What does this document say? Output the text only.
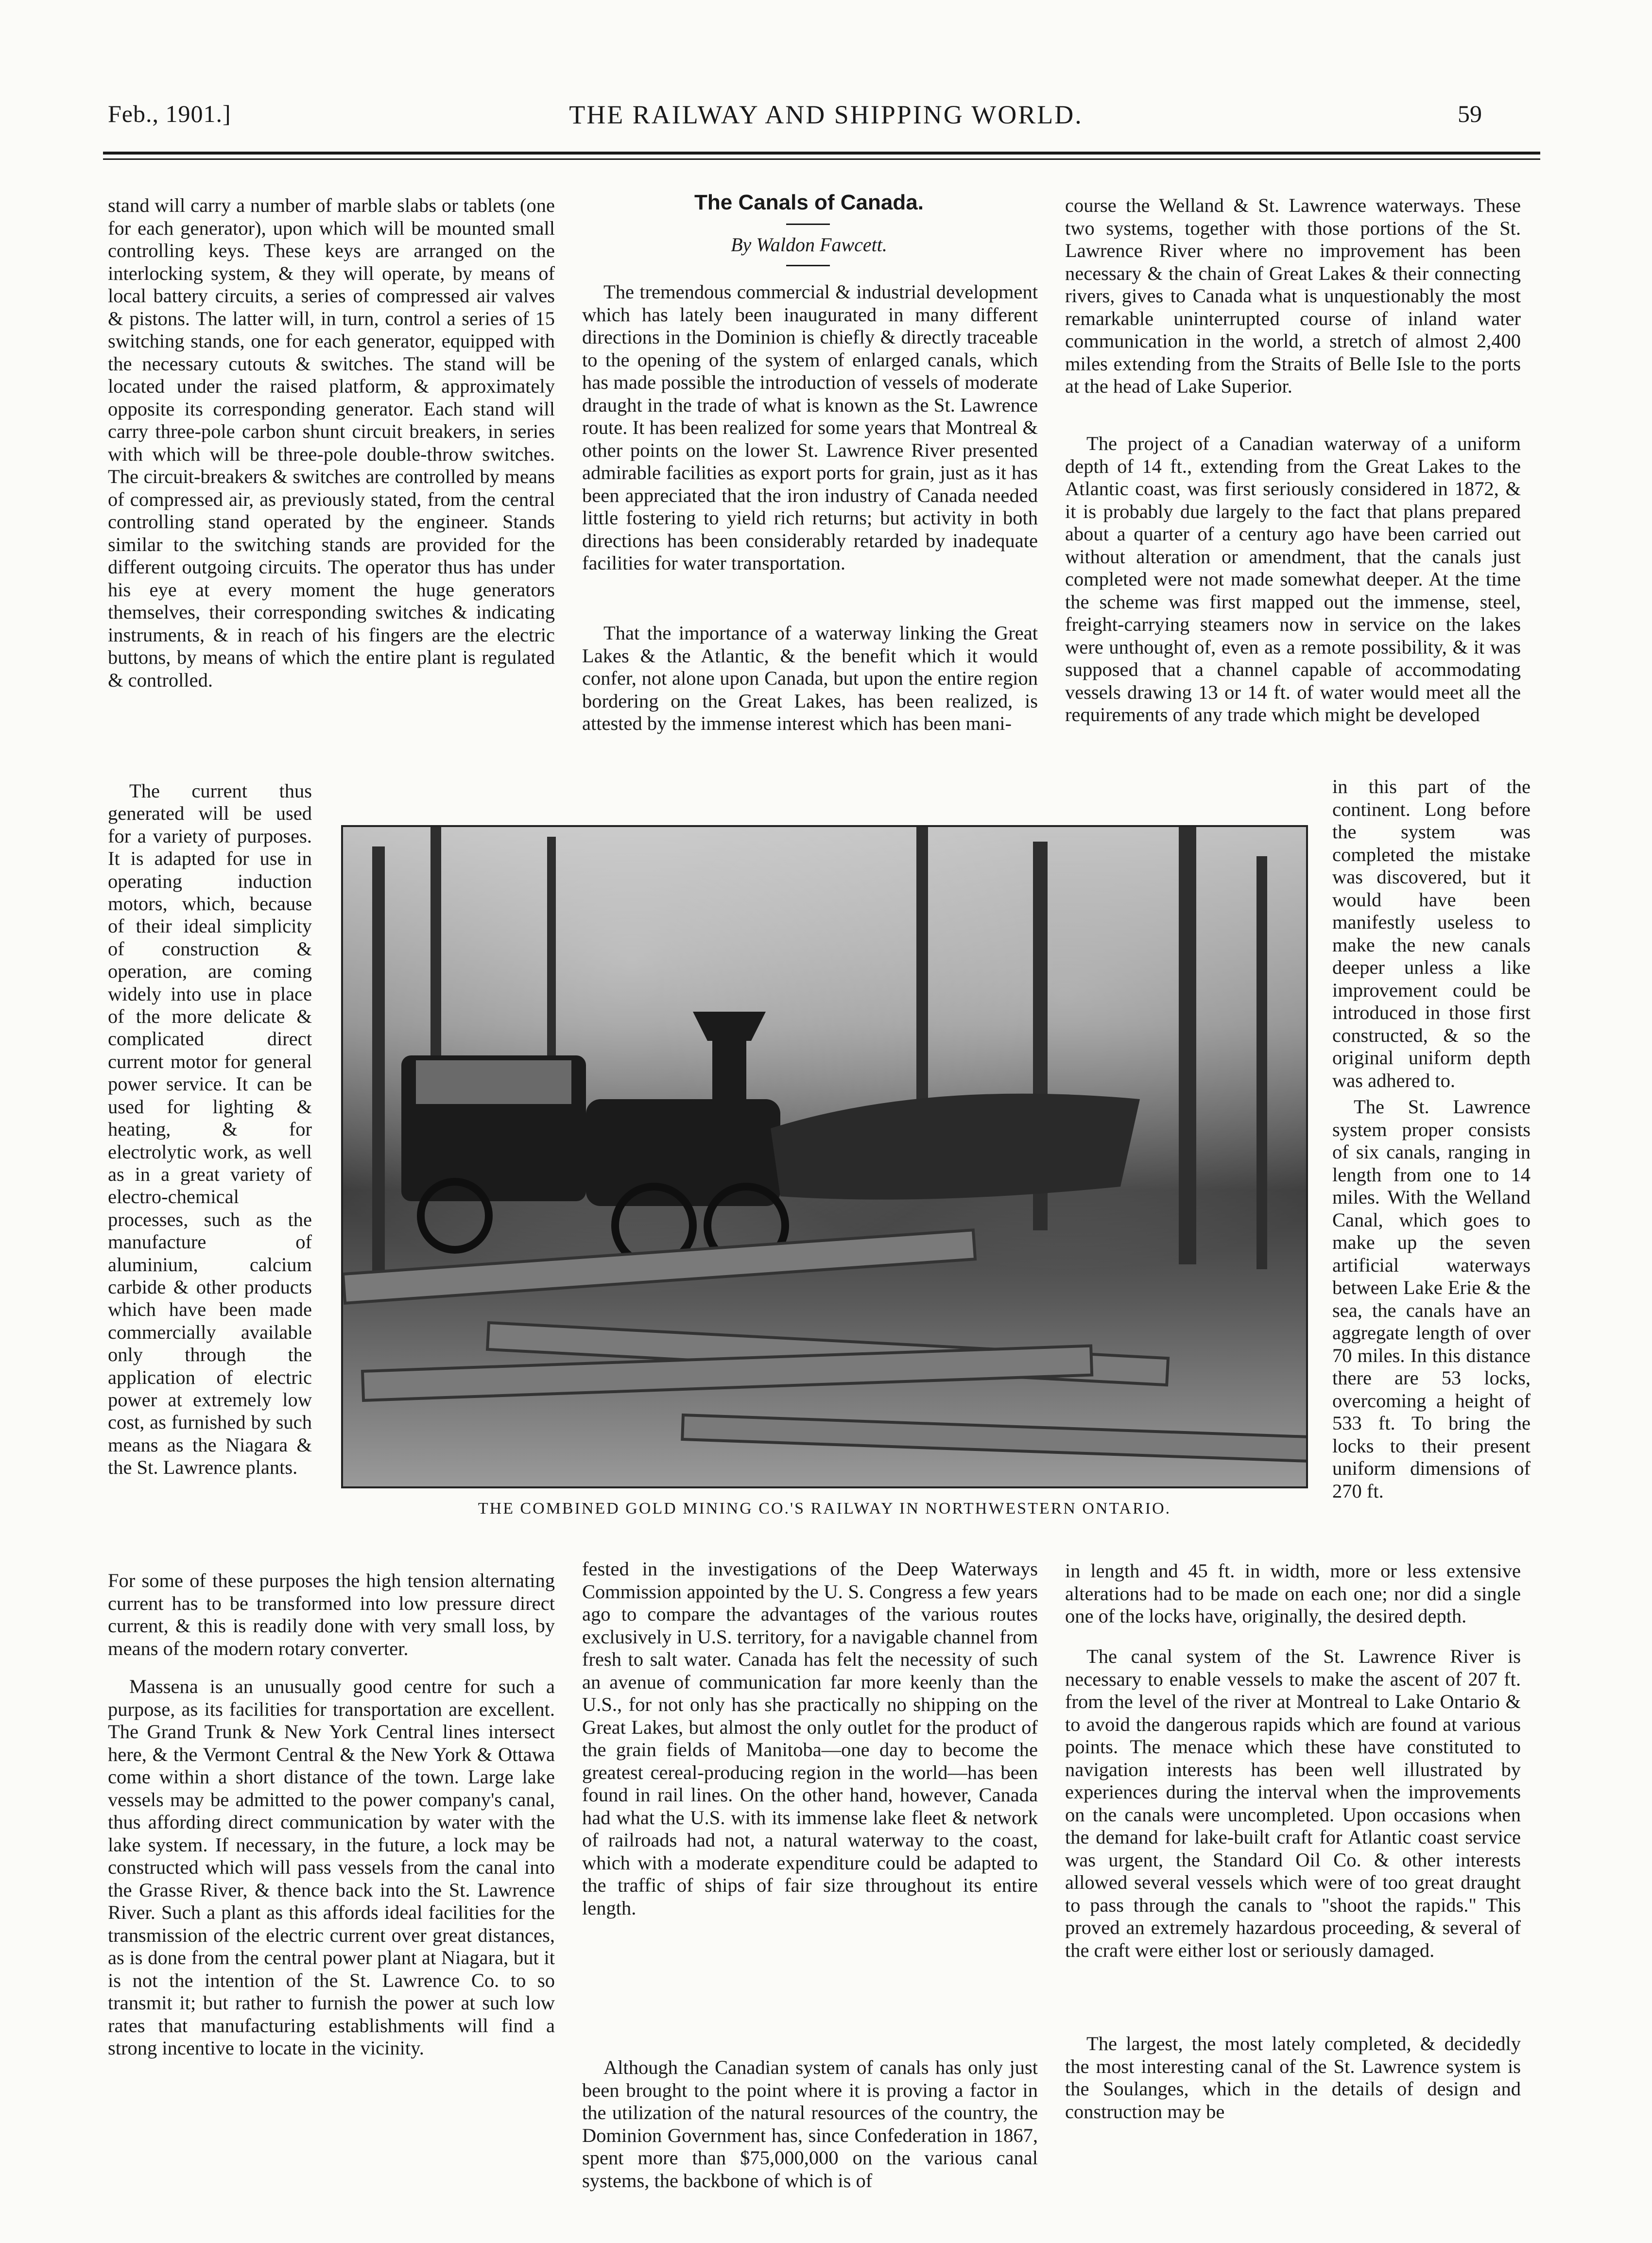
Feb., 1901.]	THE RAILWAY AND SHIPPING WORLD.	59

stand will carry a number of marble slabs or tablets (one for each generator), upon which will be mounted small controlling keys. These keys are arranged on the interlocking system, & they will operate, by means of local battery circuits, a series of compressed air valves & pistons. The latter will, in turn, control a series of 15 switching stands, one for each generator, equipped with the necessary cutouts & switches. The stand will be located under the raised platform, & approximately opposite its corresponding generator. Each stand will carry three-pole carbon shunt circuit breakers, in series with which will be three-pole double-throw switches. The circuit-breakers & switches are controlled by means of compressed air, as previously stated, from the central controlling stand operated by the engineer. Stands similar to the switching stands are provided for the different outgoing circuits. The operator thus has under his eye at every moment the huge generators themselves, their corresponding switches & indicating instruments, & in reach of his fingers are the electric buttons, by means of which the entire plant is regulated & controlled.

The current thus generated will be used for a variety of purposes. It is adapted for use in operating induction motors, which, because of their ideal simplicity of construction & operation, are coming widely into use in place of the more delicate & complicated direct current motor for general power service. It can be used for lighting & heating, & for electrolytic work, as well as in a great variety of electro-chemical processes, such as the manufacture of aluminium, calcium carbide & other products which have been made commercially available only through the application of electric power at extremely low cost, as furnished by such means as the Niagara & the St. Lawrence plants.

For some of these purposes the high tension alternating current has to be transformed into low pressure direct current, & this is readily done with very small loss, by means of the modern rotary converter.

Massena is an unusually good centre for such a purpose, as its facilities for transportation are excellent. The Grand Trunk & New York Central lines intersect here, & the Vermont Central & the New York & Ottawa come within a short distance of the town. Large lake vessels may be admitted to the power company's canal, thus affording direct communication by water with the lake system. If necessary, in the future, a lock may be constructed which will pass vessels from the canal into the Grasse River, & thence back into the St. Lawrence River. Such a plant as this affords ideal facilities for the transmission of the electric current over great distances, as is done from the central power plant at Niagara, but it is not the intention of the St. Lawrence Co. to so transmit it; but rather to furnish the power at such low rates that manufacturing establishments will find a strong incentive to locate in the vicinity.

The Canals of Canada.
By Waldon Fawcett.

The tremendous commercial & industrial development which has lately been inaugurated in many different directions in the Dominion is chiefly & directly traceable to the opening of the system of enlarged canals, which has made possible the introduction of vessels of moderate draught in the trade of what is known as the St. Lawrence route. It has been realized for some years that Montreal & other points on the lower St. Lawrence River presented admirable facilities as export ports for grain, just as it has been appreciated that the iron industry of Canada needed little fostering to yield rich returns; but activity in both directions has been considerably retarded by inadequate facilities for water transportation.

That the importance of a waterway linking the Great Lakes & the Atlantic, & the benefit which it would confer, not alone upon Canada, but upon the entire region bordering on the Great Lakes, has been realized, is attested by the immense interest which has been mani-

fested in the investigations of the Deep Waterways Commission appointed by the U. S. Congress a few years ago to compare the advantages of the various routes exclusively in U.S. territory, for a navigable channel from fresh to salt water. Canada has felt the necessity of such an avenue of communication far more keenly than the U.S., for not only has she practically no shipping on the Great Lakes, but almost the only outlet for the product of the grain fields of Manitoba—one day to become the greatest cereal-producing region in the world—has been found in rail lines. On the other hand, however, Canada had what the U.S. with its immense lake fleet & network of railroads had not, a natural waterway to the coast, which with a moderate expenditure could be adapted to the traffic of ships of fair size throughout its entire length.

Although the Canadian system of canals has only just been brought to the point where it is proving a factor in the utilization of the natural resources of the country, the Dominion Government has, since Confederation in 1867, spent more than $75,000,000 on the various canal systems, the backbone of which is of

course the Welland & St. Lawrence waterways. These two systems, together with those portions of the St. Lawrence River where no improvement has been necessary & the chain of Great Lakes & their connecting rivers, gives to Canada what is unquestionably the most remarkable uninterrupted course of inland water communication in the world, a stretch of almost 2,400 miles extending from the Straits of Belle Isle to the ports at the head of Lake Superior.

The project of a Canadian waterway of a uniform depth of 14 ft., extending from the Great Lakes to the Atlantic coast, was first seriously considered in 1872, & it is probably due largely to the fact that plans prepared about a quarter of a century ago have been carried out without alteration or amendment, that the canals just completed were not made somewhat deeper. At the time the scheme was first mapped out the immense, steel, freight-carrying steamers now in service on the lakes were unthought of, even as a remote possibility, & it was supposed that a channel capable of accommodating vessels drawing 13 or 14 ft. of water would meet all the requirements of any trade which might be developed

in this part of the continent. Long before the system was completed the mistake was discovered, but it would have been manifestly useless to make the new canals deeper unless a like improvement could be introduced in those first constructed, & so the original uniform depth was adhered to.

The St. Lawrence system proper consists of six canals, ranging in length from one to 14 miles. With the Welland Canal, which goes to make up the seven artificial waterways between Lake Erie & the sea, the canals have an aggregate length of over 70 miles. In this distance there are 53 locks, overcoming a height of 533 ft. To bring the locks to their present uniform dimensions of 270 ft.

in length and 45 ft. in width, more or less extensive alterations had to be made on each one; nor did a single one of the locks have, originally, the desired depth.

The canal system of the St. Lawrence River is necessary to enable vessels to make the ascent of 207 ft. from the level of the river at Montreal to Lake Ontario & to avoid the dangerous rapids which are found at various points. The menace which these have constituted to navigation interests has been well illustrated by experiences during the interval when the improvements on the canals were uncompleted. Upon occasions when the demand for lake-built craft for Atlantic coast service was urgent, the Standard Oil Co. & other interests allowed several vessels which were of too great draught to pass through the canals to "shoot the rapids." This proved an extremely hazardous proceeding, & several of the craft were either lost or seriously damaged.

The largest, the most lately completed, & decidedly the most interesting canal of the St. Lawrence system is the Soulanges, which in the details of design and construction may be

THE COMBINED GOLD MINING CO.'S RAILWAY IN NORTHWESTERN ONTARIO.
